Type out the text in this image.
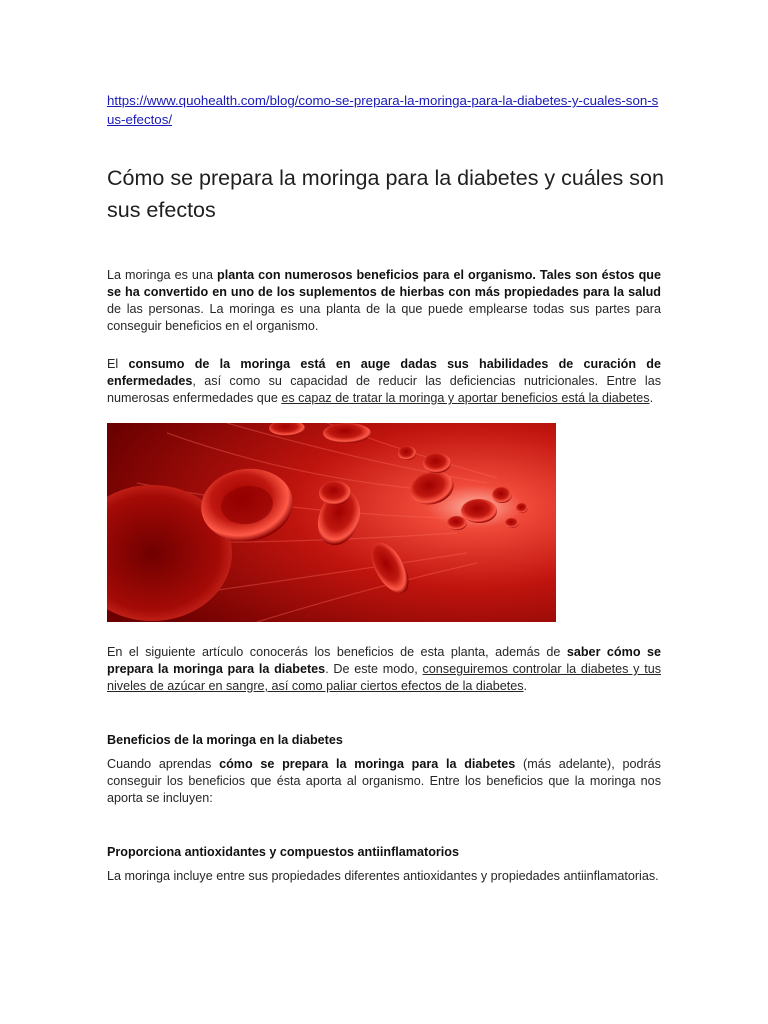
https://www.quohealth.com/blog/como-se-prepara-la-moringa-para-la-diabetes-y-cuales-son-sus-efectos/
Cómo se prepara la moringa para la diabetes y cuáles son sus efectos

La moringa es una planta con numerosos beneficios para el organismo. Tales son éstos que se ha convertido en uno de los suplementos de hierbas con más propiedades para la salud de las personas. La moringa es una planta de la que puede emplearse todas sus partes para conseguir beneficios en el organismo.

El consumo de la moringa está en auge dadas sus habilidades de curación de enfermedades, así como su capacidad de reducir las deficiencias nutricionales. Entre las numerosas enfermedades que es capaz de tratar la moringa y aportar beneficios está la diabetes.

En el siguiente artículo conocerás los beneficios de esta planta, además de saber cómo se prepara la moringa para la diabetes. De este modo, conseguiremos controlar la diabetes y tus niveles de azúcar en sangre, así como paliar ciertos efectos de la diabetes.

Beneficios de la moringa en la diabetes

Cuando aprendas cómo se prepara la moringa para la diabetes (más adelante), podrás conseguir los beneficios que ésta aporta al organismo. Entre los beneficios que la moringa nos aporta se incluyen:

Proporciona antioxidantes y compuestos antiinflamatorios

La moringa incluye entre sus propiedades diferentes antioxidantes y propiedades antiinflamatorias.
